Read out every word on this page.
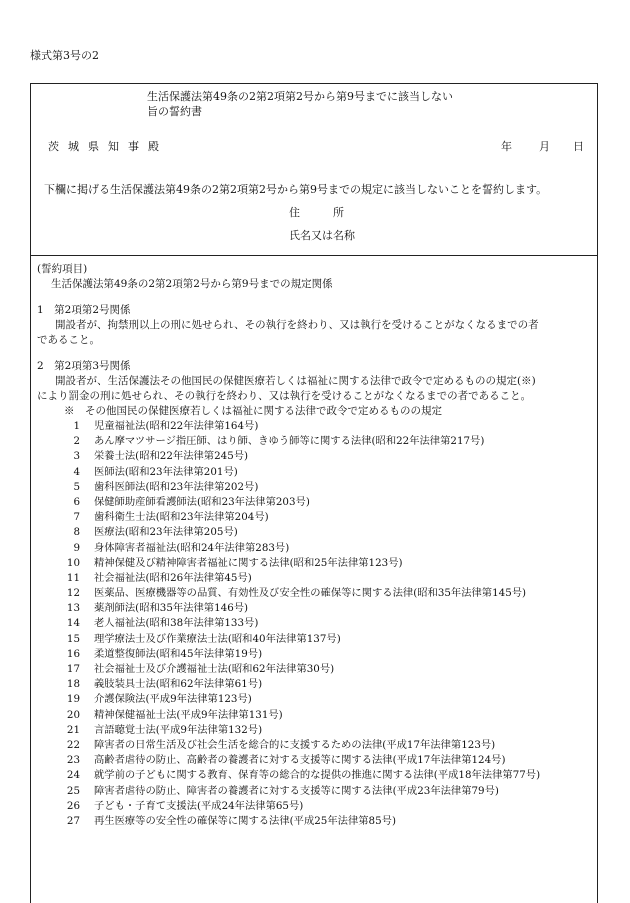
様式第3号の2
生活保護法第49条の2第2項第2号から第9号までに該当しない
旨の誓約書
茨城県知事殿	年 月 日
下欄に掲げる生活保護法第49条の2第2項第2号から第9号までの規定に該当しないことを誓約します。
住　　　所
氏名又は名称
(誓約項目)
生活保護法第49条の2第2項第2号から第9号までの規定関係
1　第2項第2号関係
開設者が、拘禁刑以上の刑に処せられ、その執行を終わり、又は執行を受けることがなくなるまでの者
であること。
2　第2項第3号関係
開設者が、生活保護法その他国民の保健医療若しくは福祉に関する法律で政令で定めるものの規定(※)
により罰金の刑に処せられ、その執行を終わり、又は執行を受けることがなくなるまでの者であること。
※　その他国民の保健医療若しくは福祉に関する法律で政令で定めるものの規定
1 児童福祉法(昭和22年法律第164号)
2 あん摩マツサージ指圧師、はり師、きゆう師等に関する法律(昭和22年法律第217号)
3 栄養士法(昭和22年法律第245号)
4 医師法(昭和23年法律第201号)
5 歯科医師法(昭和23年法律第202号)
6 保健師助産師看護師法(昭和23年法律第203号)
7 歯科衛生士法(昭和23年法律第204号)
8 医療法(昭和23年法律第205号)
9 身体障害者福祉法(昭和24年法律第283号)
10 精神保健及び精神障害者福祉に関する法律(昭和25年法律第123号)
11 社会福祉法(昭和26年法律第45号)
12 医薬品、医療機器等の品質、有効性及び安全性の確保等に関する法律(昭和35年法律第145号)
13 薬剤師法(昭和35年法律第146号)
14 老人福祉法(昭和38年法律第133号)
15 理学療法士及び作業療法士法(昭和40年法律第137号)
16 柔道整復師法(昭和45年法律第19号)
17 社会福祉士及び介護福祉士法(昭和62年法律第30号)
18 義肢装具士法(昭和62年法律第61号)
19 介護保険法(平成9年法律第123号)
20 精神保健福祉士法(平成9年法律第131号)
21 言語聴覚士法(平成9年法律第132号)
22 障害者の日常生活及び社会生活を総合的に支援するための法律(平成17年法律第123号)
23 高齢者虐待の防止、高齢者の養護者に対する支援等に関する法律(平成17年法律第124号)
24 就学前の子どもに関する教育、保育等の総合的な提供の推進に関する法律(平成18年法律第77号)
25 障害者虐待の防止、障害者の養護者に対する支援等に関する法律(平成23年法律第79号)
26 子ども・子育て支援法(平成24年法律第65号)
27 再生医療等の安全性の確保等に関する法律(平成25年法律第85号)
